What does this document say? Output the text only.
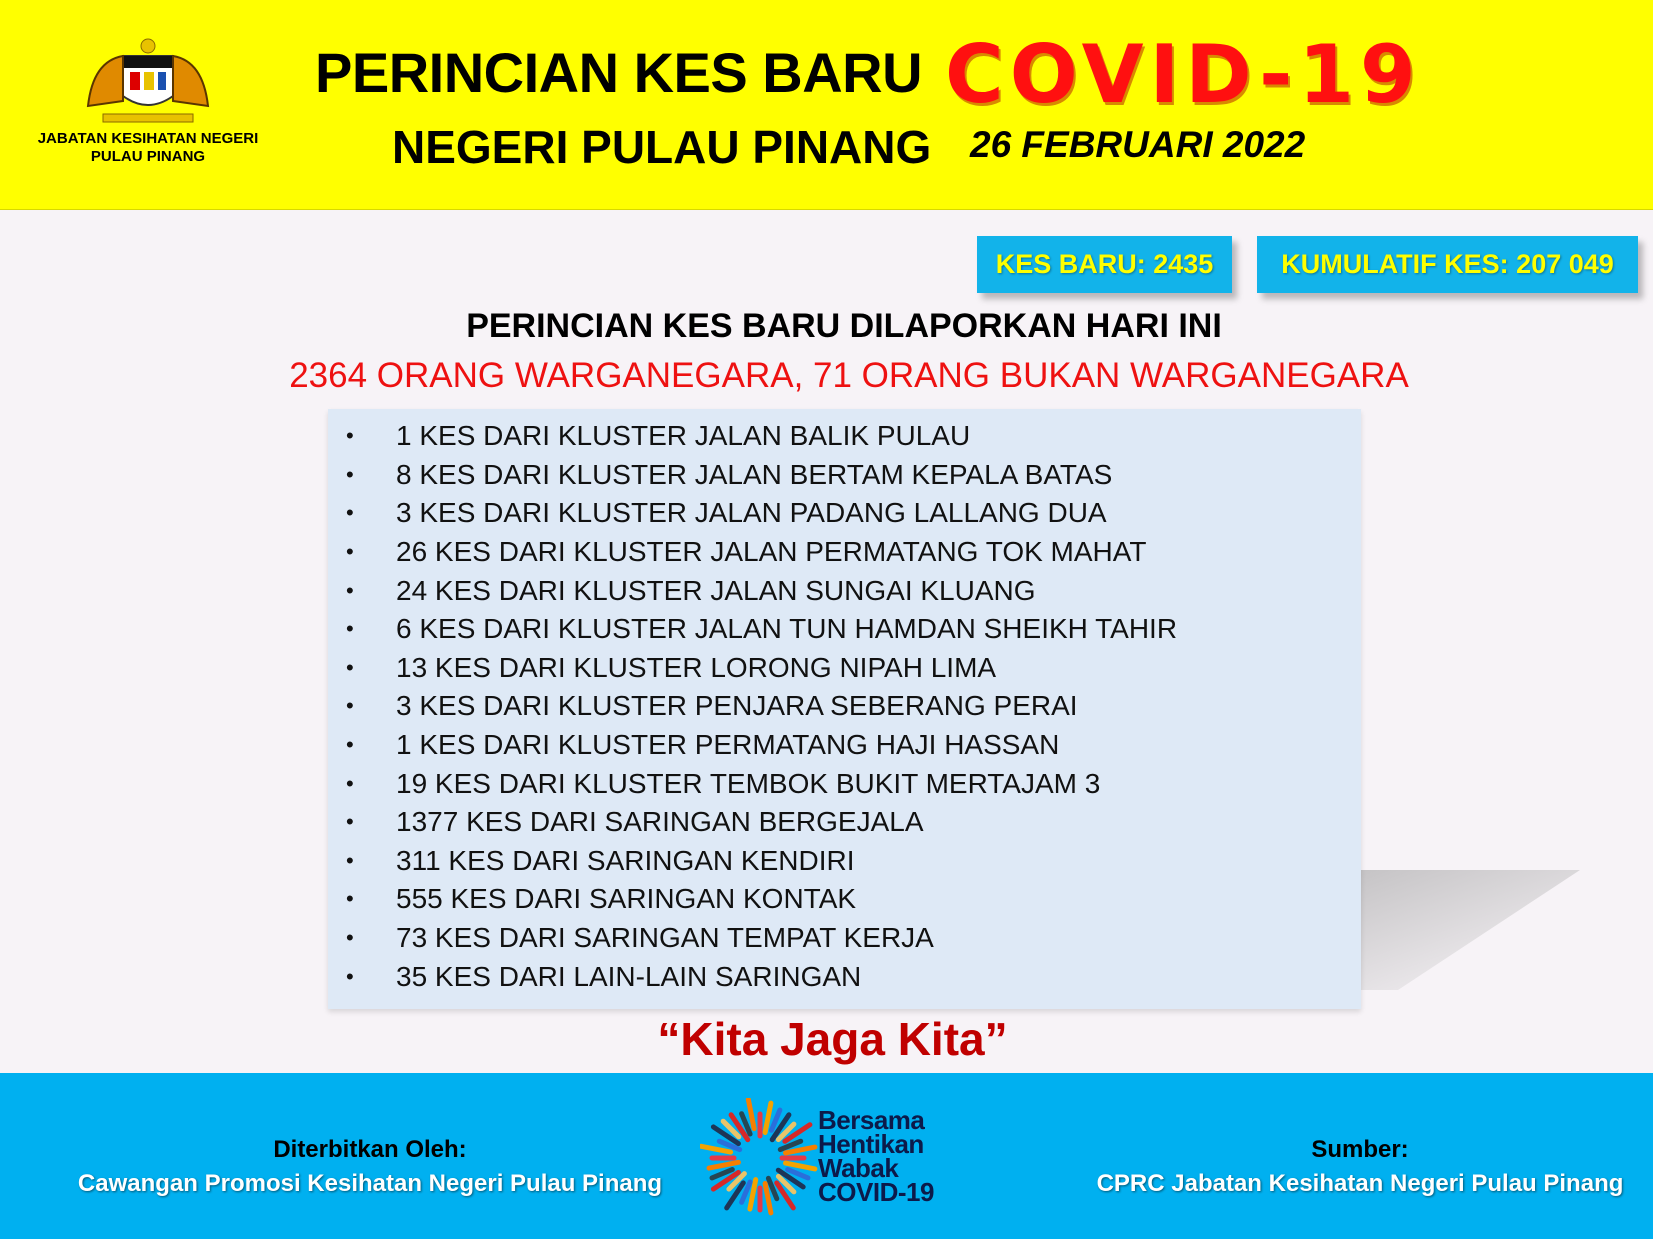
JABATAN KESIHATAN NEGERI PULAU PINANG
PERINCIAN KES BARU COVID-19
NEGERI PULAU PINANG 26 FEBRUARI 2022
KES BARU: 2435	KUMULATIF KES: 207 049
PERINCIAN KES BARU DILAPORKAN HARI INI
2364 ORANG WARGANEGARA, 71 ORANG BUKAN WARGANEGARA
•	1 KES DARI KLUSTER JALAN BALIK PULAU
•	8 KES DARI KLUSTER JALAN BERTAM KEPALA BATAS
•	3 KES DARI KLUSTER JALAN PADANG LALLANG DUA
•	26 KES DARI KLUSTER JALAN PERMATANG TOK MAHAT
•	24 KES DARI KLUSTER JALAN SUNGAI KLUANG
•	6 KES DARI KLUSTER JALAN TUN HAMDAN SHEIKH TAHIR
•	13 KES DARI KLUSTER LORONG NIPAH LIMA
•	3 KES DARI KLUSTER PENJARA SEBERANG PERAI
•	1 KES DARI KLUSTER PERMATANG HAJI HASSAN
•	19 KES DARI KLUSTER TEMBOK BUKIT MERTAJAM 3
•	1377 KES DARI SARINGAN BERGEJALA
•	311 KES DARI SARINGAN KENDIRI
•	555 KES DARI SARINGAN KONTAK
•	73 KES DARI SARINGAN TEMPAT KERJA
•	35 KES DARI LAIN-LAIN SARINGAN
“Kita Jaga Kita”
Diterbitkan Oleh:
Cawangan Promosi Kesihatan Negeri Pulau Pinang
Bersama
Hentikan
Wabak
COVID-19
Sumber:
CPRC Jabatan Kesihatan Negeri Pulau Pinang
